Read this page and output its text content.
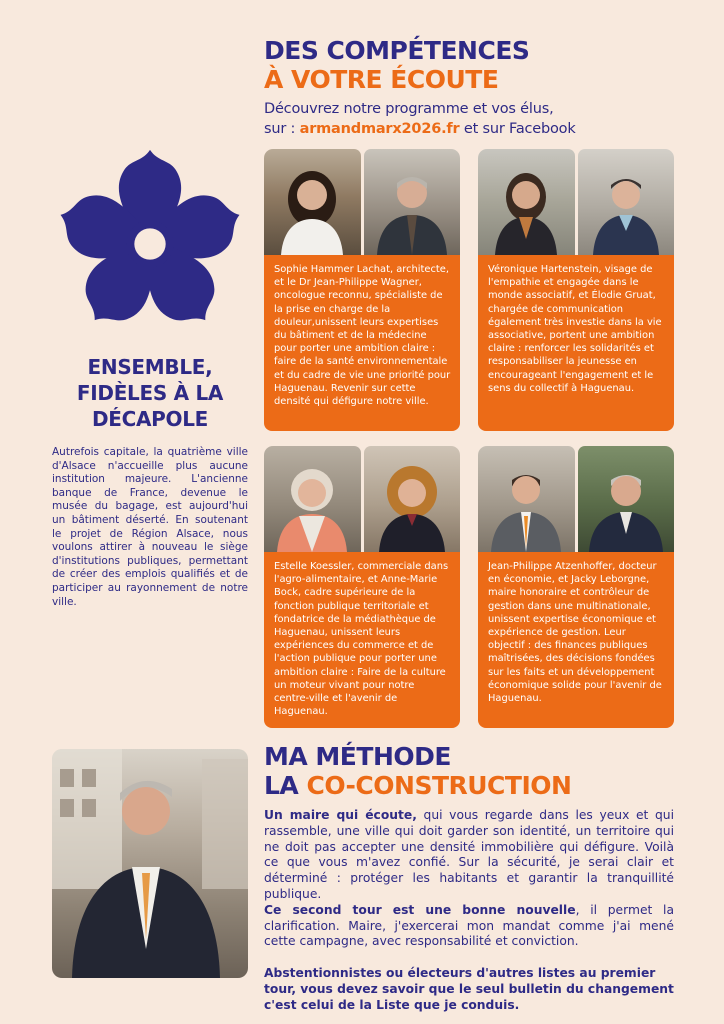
DES COMPÉTENCES
À VOTRE ÉCOUTE
Découvrez notre programme et vos élus,
sur : armandmarx2026.fr et sur Facebook
ENSEMBLE,
FIDÈLES À LA
DÉCAPOLE
Autrefois capitale, la quatrième ville d'Alsace n'accueille plus aucune institution majeure. L'ancienne banque de France, devenue le musée du bagage, est aujourd'hui un bâtiment déserté. En soutenant le projet de Région Alsace, nous voulons attirer à nouveau le siège d'institutions publiques, permettant de créer des emplois qualifiés et de participer au rayonnement de notre ville.
Sophie Hammer Lachat, architecte, et le Dr Jean-Philippe Wagner, oncologue reconnu, spécialiste de la prise en charge de la douleur,unissent leurs expertises du bâtiment et de la médecine pour porter une ambition claire : faire de la santé environnementale et du cadre de vie une priorité pour Haguenau. Revenir sur cette densité qui défigure notre ville.
Véronique Hartenstein, visage de l'empathie et engagée dans le monde associatif, et Élodie Gruat, chargée de communication également très investie dans la vie associative, portent une ambition claire : renforcer les solidarités et responsabiliser la jeunesse en encourageant l'engagement et le sens du collectif à Haguenau.
Estelle Koessler, commerciale dans l'agro-alimentaire, et Anne-Marie Bock, cadre supérieure de la fonction publique territoriale et fondatrice de la médiathèque de Haguenau, unissent leurs expériences du commerce et de l'action publique pour porter une ambition claire : Faire de la culture un moteur vivant pour notre centre-ville et l'avenir de Haguenau.
Jean-Philippe Atzenhoffer, docteur en économie, et Jacky Leborgne, maire honoraire et contrôleur de gestion dans une multinationale, unissent expertise économique et expérience de gestion. Leur objectif : des finances publiques maîtrisées, des décisions fondées sur les faits et un développement économique solide pour l'avenir de Haguenau.
MA MÉTHODE
LA CO-CONSTRUCTION
Un maire qui écoute, qui vous regarde dans les yeux et qui rassemble, une ville qui doit garder son identité, un territoire qui ne doit pas accepter une densité immobilière qui défigure. Voilà ce que vous m'avez confié. Sur la sécurité, je serai clair et déterminé : protéger les habitants et garantir la tranquillité publique.
Ce second tour est une bonne nouvelle, il permet la clarification. Maire, j'exercerai mon mandat comme j'ai mené cette campagne, avec responsabilité et conviction.
Abstentionnistes ou électeurs d'autres listes au premier tour, vous devez savoir que le seul bulletin du changement c'est celui de la Liste que je conduis.
